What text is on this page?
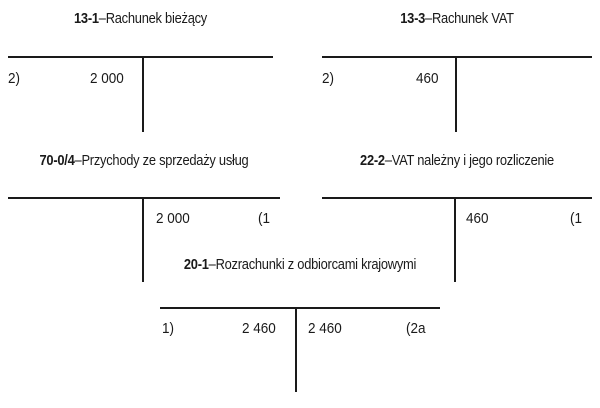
13-1–Rachunek bieżący
2)	2 000
13-3–Rachunek VAT
2)	460
70-0/4–Przychody ze sprzedaży usług
2 000	(1
22-2–VAT należny i jego rozliczenie
460	(1
20-1–Rozrachunki z odbiorcami krajowymi
1)	2 460 2 460	(2a
